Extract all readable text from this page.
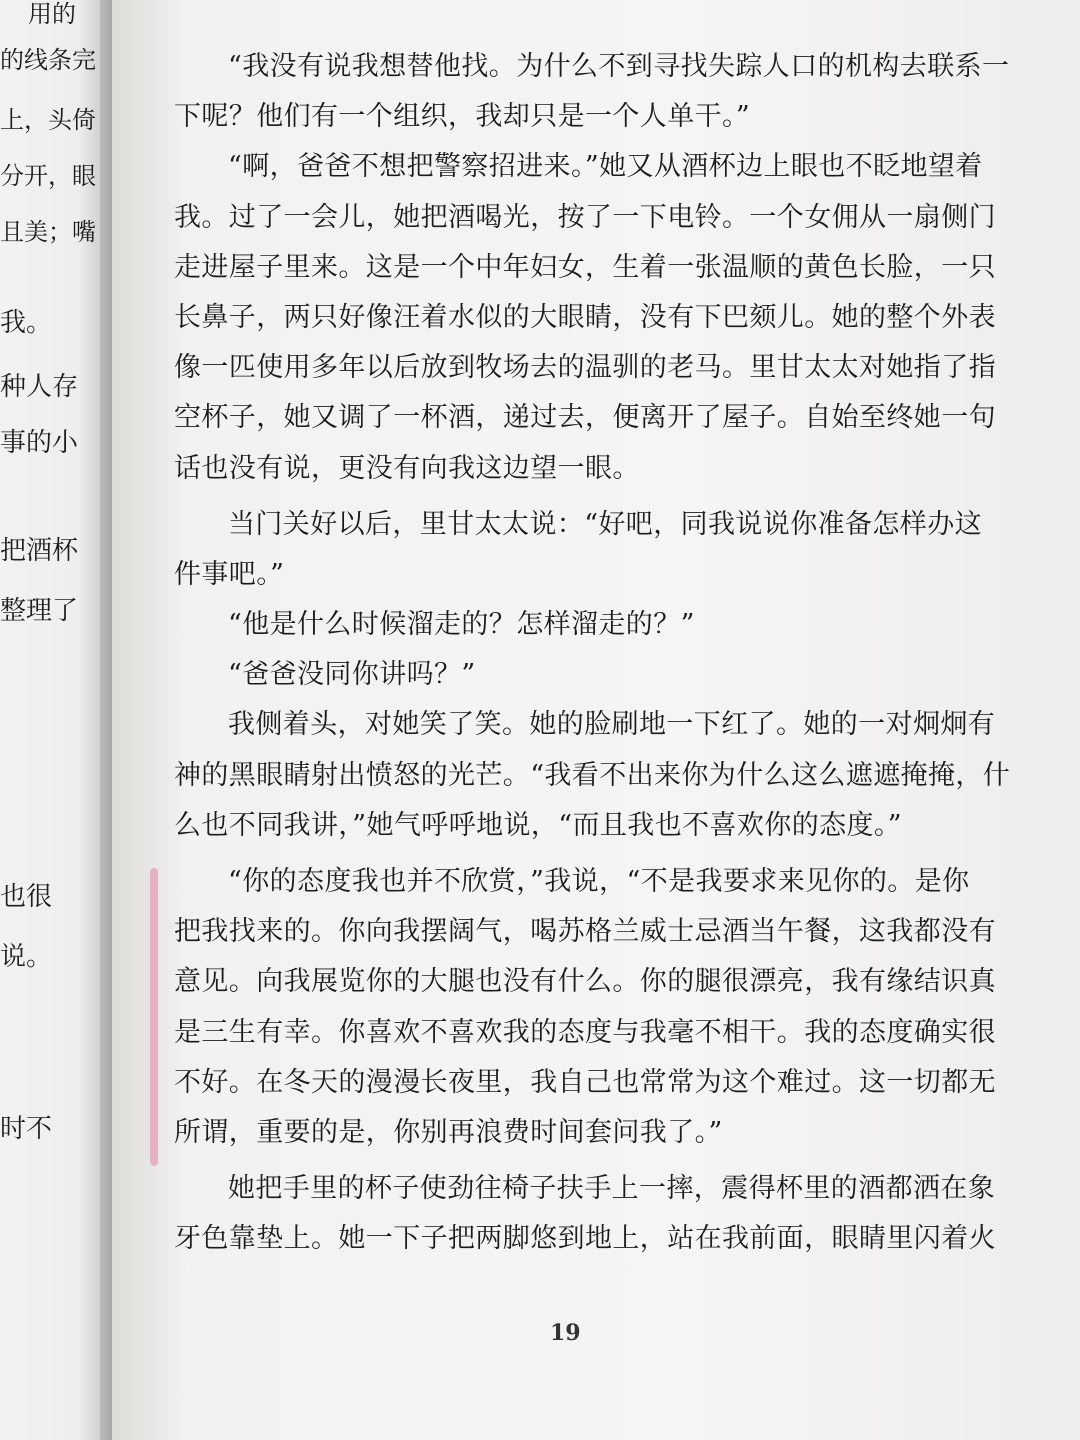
用的
的线条完
上，头倚
分开，眼
且美；嘴
我。
种人存
事的小
把酒杯
整理了
也很
说。
时不
“我没有说我想替他找。为什么不到寻找失踪人口的机构去联系一
下呢？他们有一个组织，我却只是一个人单干。”
“啊，爸爸不想把警察招进来。”她又从酒杯边上眼也不眨地望着
我。过了一会儿，她把酒喝光，按了一下电铃。一个女佣从一扇侧门
走进屋子里来。这是一个中年妇女，生着一张温顺的黄色长脸，一只
长鼻子，两只好像汪着水似的大眼睛，没有下巴颏儿。她的整个外表
像一匹使用多年以后放到牧场去的温驯的老马。里甘太太对她指了指
空杯子，她又调了一杯酒，递过去，便离开了屋子。自始至终她一句
话也没有说，更没有向我这边望一眼。
当门关好以后，里甘太太说：“好吧，同我说说你准备怎样办这
件事吧。”
“他是什么时候溜走的？怎样溜走的？”
“爸爸没同你讲吗？”
我侧着头，对她笑了笑。她的脸刷地一下红了。她的一对炯炯有
神的黑眼睛射出愤怒的光芒。“我看不出来你为什么这么遮遮掩掩，什
么也不同我讲，”她气呼呼地说，“而且我也不喜欢你的态度。”
“你的态度我也并不欣赏，”我说，“不是我要求来见你的。是你
把我找来的。你向我摆阔气，喝苏格兰威士忌酒当午餐，这我都没有
意见。向我展览你的大腿也没有什么。你的腿很漂亮，我有缘结识真
是三生有幸。你喜欢不喜欢我的态度与我毫不相干。我的态度确实很
不好。在冬天的漫漫长夜里，我自己也常常为这个难过。这一切都无
所谓，重要的是，你别再浪费时间套问我了。”
她把手里的杯子使劲往椅子扶手上一摔，震得杯里的酒都洒在象
牙色靠垫上。她一下子把两脚悠到地上，站在我前面，眼睛里闪着火
19
